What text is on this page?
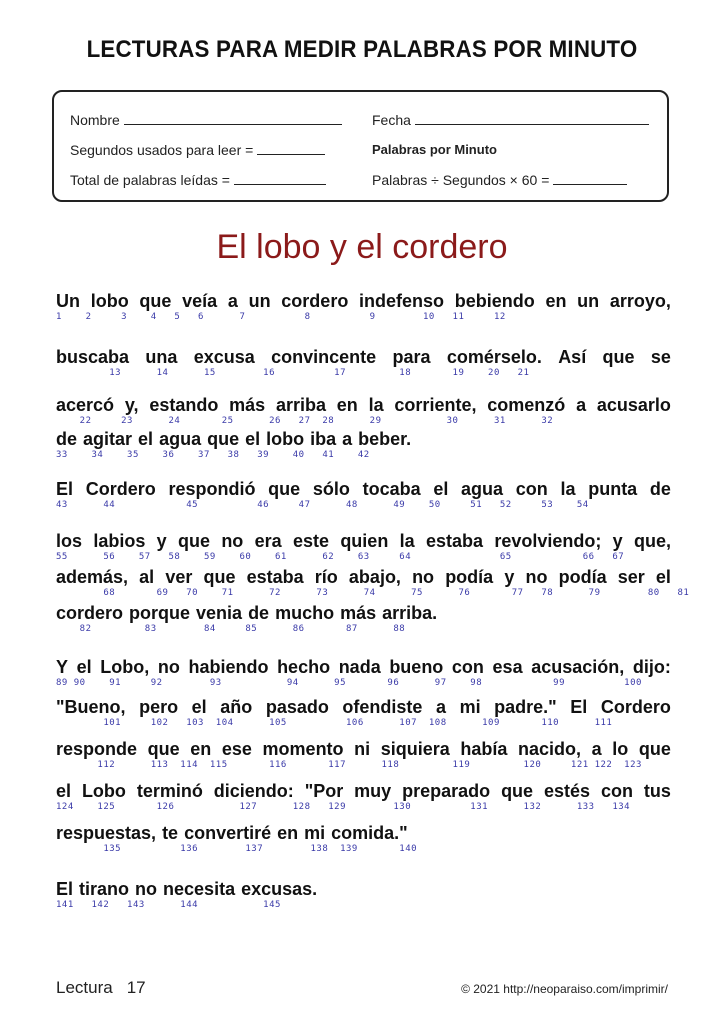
LECTURAS PARA MEDIR PALABRAS POR MINUTO
Nombre	Fecha
Segundos usados para leer =	Palabras por Minuto
Total de palabras leídas =	Palabras ÷ Segundos × 60 =
El lobo y el cordero
Un lobo que veía a un cordero indefenso bebiendo en un arroyo,
1    2     3    4   5   6      7          8          9        10   11     12
buscaba una excusa convincente para comérselo. Así que se
13      14      15        16          17         18       19    20   21
acercó y, estando más arriba en la corriente, comenzó a acusarlo
22     23      24       25      26   27  28      29           30      31      32
de agitar el agua que el lobo iba a beber.
33    34    35    36    37   38   39    40   41    42
El Cordero respondió que sólo tocaba el agua con la punta de
43      44            45          46     47      48      49    50     51   52     53    54
los labios y que no era este quien la estaba revolviendo; y que,
55      56    57   58    59    60    61      62    63     64               65            66   67
además, al ver que estaba río abajo, no podía y no podía ser el
68       69   70    71      72      73      74      75      76       77   78      79        80   81
cordero porque venia de mucho más arriba.
82         83        84     85      86       87      88
Y el Lobo, no habiendo hecho nada bueno con esa acusación, dijo:
89 90    91     92        93           94      95       96      97    98            99          100
"Bueno, pero el año pasado ofendiste a mi padre." El Cordero
101     102   103  104      105          106      107  108      109       110      111
responde que en ese momento ni siquiera había nacido, a lo que
112      113  114  115       116       117      118         119         120     121 122  123
el Lobo terminó diciendo: "Por muy preparado que estés con tus
124    125       126           127      128   129        130          131      132      133   134
respuestas, te convertiré en mi comida."
135          136        137        138  139       140
El tirano no necesita excusas.
141   142   143      144           145
Lectura 17	© 2021 http://neoparaiso.com/imprimir/
